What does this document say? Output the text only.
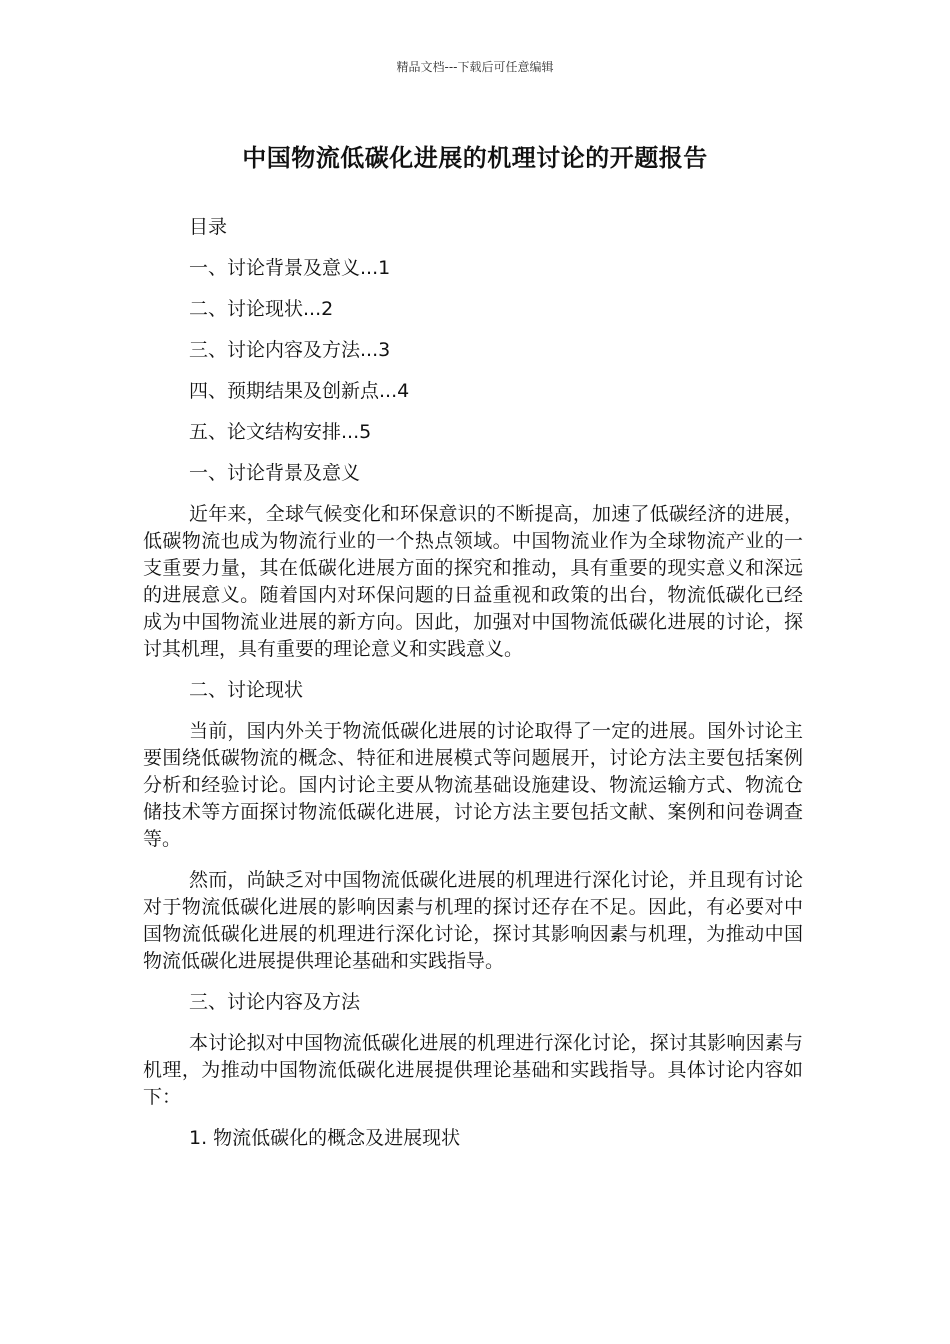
精品文档---下载后可任意编辑
中国物流低碳化进展的机理讨论的开题报告

目录

一、讨论背景及意义...1

二、讨论现状...2

三、讨论内容及方法...3

四、预期结果及创新点...4

五、论文结构安排...5

一、讨论背景及意义

近年来，全球气候变化和环保意识的不断提高，加速了低碳经济的进展，低碳物流也成为物流行业的一个热点领域。中国物流业作为全球物流产业的一支重要力量，其在低碳化进展方面的探究和推动，具有重要的现实意义和深远的进展意义。随着国内对环保问题的日益重视和政策的出台，物流低碳化已经成为中国物流业进展的新方向。因此，加强对中国物流低碳化进展的讨论，探讨其机理，具有重要的理论意义和实践意义。

二、讨论现状

当前，国内外关于物流低碳化进展的讨论取得了一定的进展。国外讨论主要围绕低碳物流的概念、特征和进展模式等问题展开，讨论方法主要包括案例分析和经验讨论。国内讨论主要从物流基础设施建设、物流运输方式、物流仓储技术等方面探讨物流低碳化进展，讨论方法主要包括文献、案例和问卷调查等。

然而，尚缺乏对中国物流低碳化进展的机理进行深化讨论，并且现有讨论对于物流低碳化进展的影响因素与机理的探讨还存在不足。因此，有必要对中国物流低碳化进展的机理进行深化讨论，探讨其影响因素与机理，为推动中国物流低碳化进展提供理论基础和实践指导。

三、讨论内容及方法

本讨论拟对中国物流低碳化进展的机理进行深化讨论，探讨其影响因素与机理，为推动中国物流低碳化进展提供理论基础和实践指导。具体讨论内容如下：

1. 物流低碳化的概念及进展现状
